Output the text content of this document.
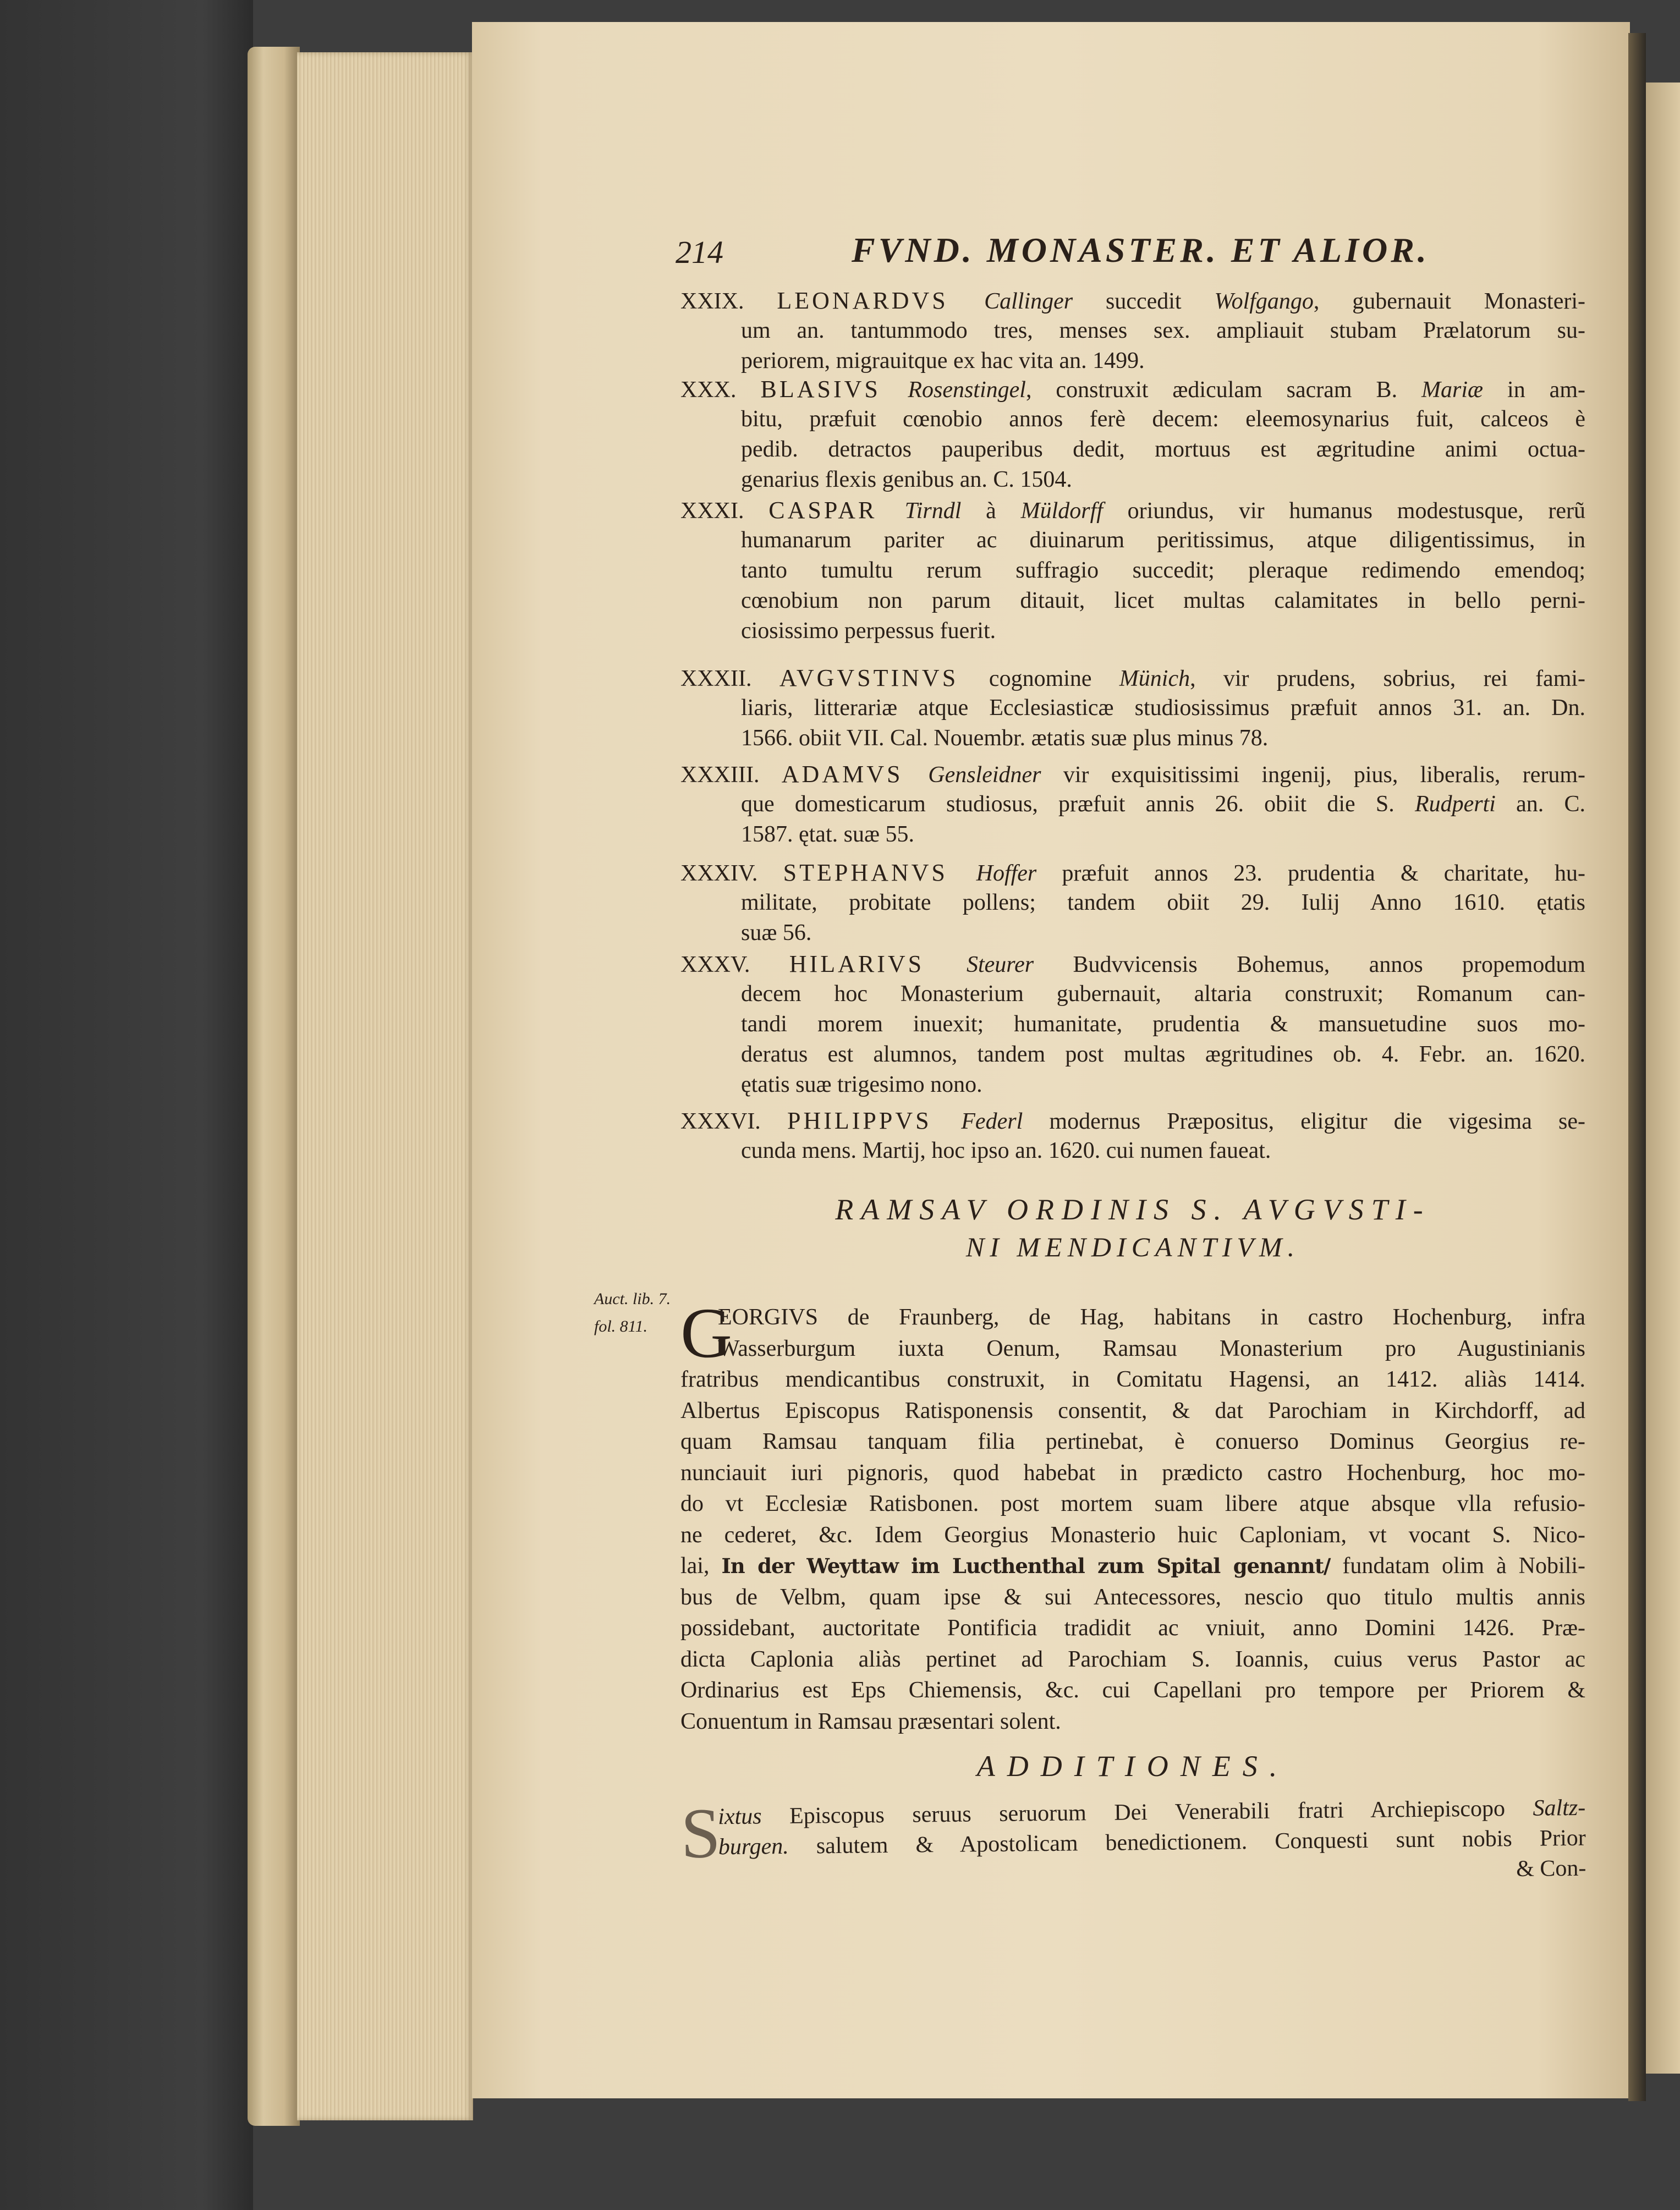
214	FVND. MONASTER. ET ALIOR.
XXIX. LEONARDVS Callinger succedit Wolfgango, gubernauit Monasteri-
um an. tantummodo tres, menses sex. ampliauit stubam Prælatorum su-
periorem, migrauitque ex hac vita an. 1499.
XXX. BLASIVS Rosenstingel, construxit ædiculam sacram B. Mariæ in am-
bitu, præfuit cœnobio annos ferè decem: eleemosynarius fuit, calceos è
pedib. detractos pauperibus dedit, mortuus est ægritudine animi octua-
genarius flexis genibus an. C. 1504.
XXXI. CASPAR Tirndl à Müldorff oriundus, vir humanus modestusque, rerũ
humanarum pariter ac diuinarum peritissimus, atque diligentissimus, in
tanto tumultu rerum suffragio succedit; pleraque redimendo emendoq;
cœnobium non parum ditauit, licet multas calamitates in bello perni-
ciosissimo perpessus fuerit.
XXXII. AVGVSTINVS cognomine Münich, vir prudens, sobrius, rei fami-
liaris, litterariæ atque Ecclesiasticæ studiosissimus præfuit annos 31. an. Dn.
1566. obiit VII. Cal. Nouembr. ætatis suæ plus minus 78.
XXXIII. ADAMVS Gensleidner vir exquisitissimi ingenij, pius, liberalis, rerum-
que domesticarum studiosus, præfuit annis 26. obiit die S. Rudperti an. C.
1587. ętat. suæ 55.
XXXIV. STEPHANVS Hoffer præfuit annos 23. prudentia & charitate, hu-
militate, probitate pollens; tandem obiit 29. Iulij Anno 1610. ętatis
suæ 56.
XXXV. HILARIVS Steurer Budvvicensis Bohemus, annos propemodum
decem hoc Monasterium gubernauit, altaria construxit; Romanum can-
tandi morem inuexit; humanitate, prudentia & mansuetudine suos mo-
deratus est alumnos, tandem post multas ægritudines ob. 4. Febr. an. 1620.
ętatis suæ trigesimo nono.
XXXVI. PHILIPPVS Federl modernus Præpositus, eligitur die vigesima se-
cunda mens. Martij, hoc ipso an. 1620. cui numen faueat.
RAMSAV ORDINIS S. AVGVSTI-
NI MENDICANTIVM.
Auct. lib. 7.
fol. 811. G
EORGIVS de Fraunberg, de Hag, habitans in castro Hochenburg, infra
Wasserburgum iuxta Oenum, Ramsau Monasterium pro Augustinianis
fratribus mendicantibus construxit, in Comitatu Hagensi, an 1412. aliàs 1414.
Albertus Episcopus Ratisponensis consentit, & dat Parochiam in Kirchdorff, ad
quam Ramsau tanquam filia pertinebat, è conuerso Dominus Georgius re-
nunciauit iuri pignoris, quod habebat in prædicto castro Hochenburg, hoc mo-
do vt Ecclesiæ Ratisbonen. post mortem suam libere atque absque vlla refusio-
ne cederet, &c. Idem Georgius Monasterio huic Caploniam, vt vocant S. Nico-
lai, In der Weyttaw im Lucthenthal zum Spital genannt/ fundatam olim à Nobili-
bus de Velbm, quam ipse & sui Antecessores, nescio quo titulo multis annis
possidebant, auctoritate Pontificia tradidit ac vniuit, anno Domini 1426. Præ-
dicta Caplonia aliàs pertinet ad Parochiam S. Ioannis, cuius verus Pastor ac
Ordinarius est Eps Chiemensis, &c. cui Capellani pro tempore per Priorem &
Conuentum in Ramsau præsentari solent.
ADDITIONES.
S
ixtus Episcopus seruus seruorum Dei Venerabili fratri Archiepiscopo Saltz-
burgen. salutem & Apostolicam benedictionem. Conquesti sunt nobis Prior
& Con-
